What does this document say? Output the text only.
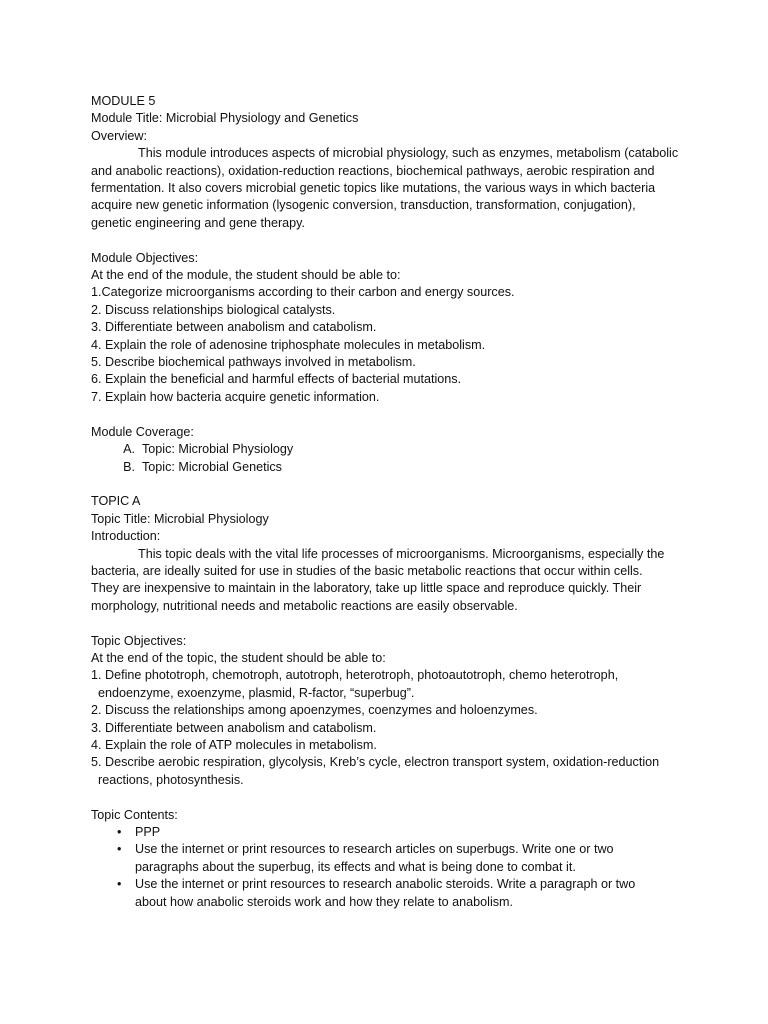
MODULE 5

Module Title: Microbial Physiology and Genetics

Overview:

This module introduces aspects of microbial physiology, such as enzymes, metabolism (catabolic

and anabolic reactions), oxidation-reduction reactions, biochemical pathways, aerobic respiration and

fermentation. It also covers microbial genetic topics like mutations, the various ways in which bacteria

acquire new genetic information (lysogenic conversion, transduction, transformation, conjugation),

genetic engineering and gene therapy.

Module Objectives:

At the end of the module, the student should be able to:

1.Categorize microorganisms according to their carbon and energy sources.
2. Discuss relationships biological catalysts.
3. Differentiate between anabolism and catabolism.
4. Explain the role of adenosine triphosphate molecules in metabolism.
5. Describe biochemical pathways involved in metabolism.
6. Explain the beneficial and harmful effects of bacterial mutations.
7. Explain how bacteria acquire genetic information.

Module Coverage:

A. Topic: Microbial Physiology
B. Topic: Microbial Genetics

TOPIC A

Topic Title: Microbial Physiology

Introduction:

This topic deals with the vital life processes of microorganisms. Microorganisms, especially the

bacteria, are ideally suited for use in studies of the basic metabolic reactions that occur within cells.

They are inexpensive to maintain in the laboratory, take up little space and reproduce quickly. Their

morphology, nutritional needs and metabolic reactions are easily observable.

Topic Objectives:

At the end of the topic, the student should be able to:

1. Define phototroph, chemotroph, autotroph, heterotroph, photoautotroph, chemo heterotroph,

endoenzyme, exoenzyme, plasmid, R-factor, “superbug”.

2. Discuss the relationships among apoenzymes, coenzymes and holoenzymes.

3. Differentiate between anabolism and catabolism.

4. Explain the role of ATP molecules in metabolism.

5. Describe aerobic respiration, glycolysis, Kreb’s cycle, electron transport system, oxidation-reduction

reactions, photosynthesis.

Topic Contents:

•	PPP
•	Use the internet or print resources to research articles on superbugs. Write one or two
paragraphs about the superbug, its effects and what is being done to combat it.
•	Use the internet or print resources to research anabolic steroids. Write a paragraph or two
about how anabolic steroids work and how they relate to anabolism.
